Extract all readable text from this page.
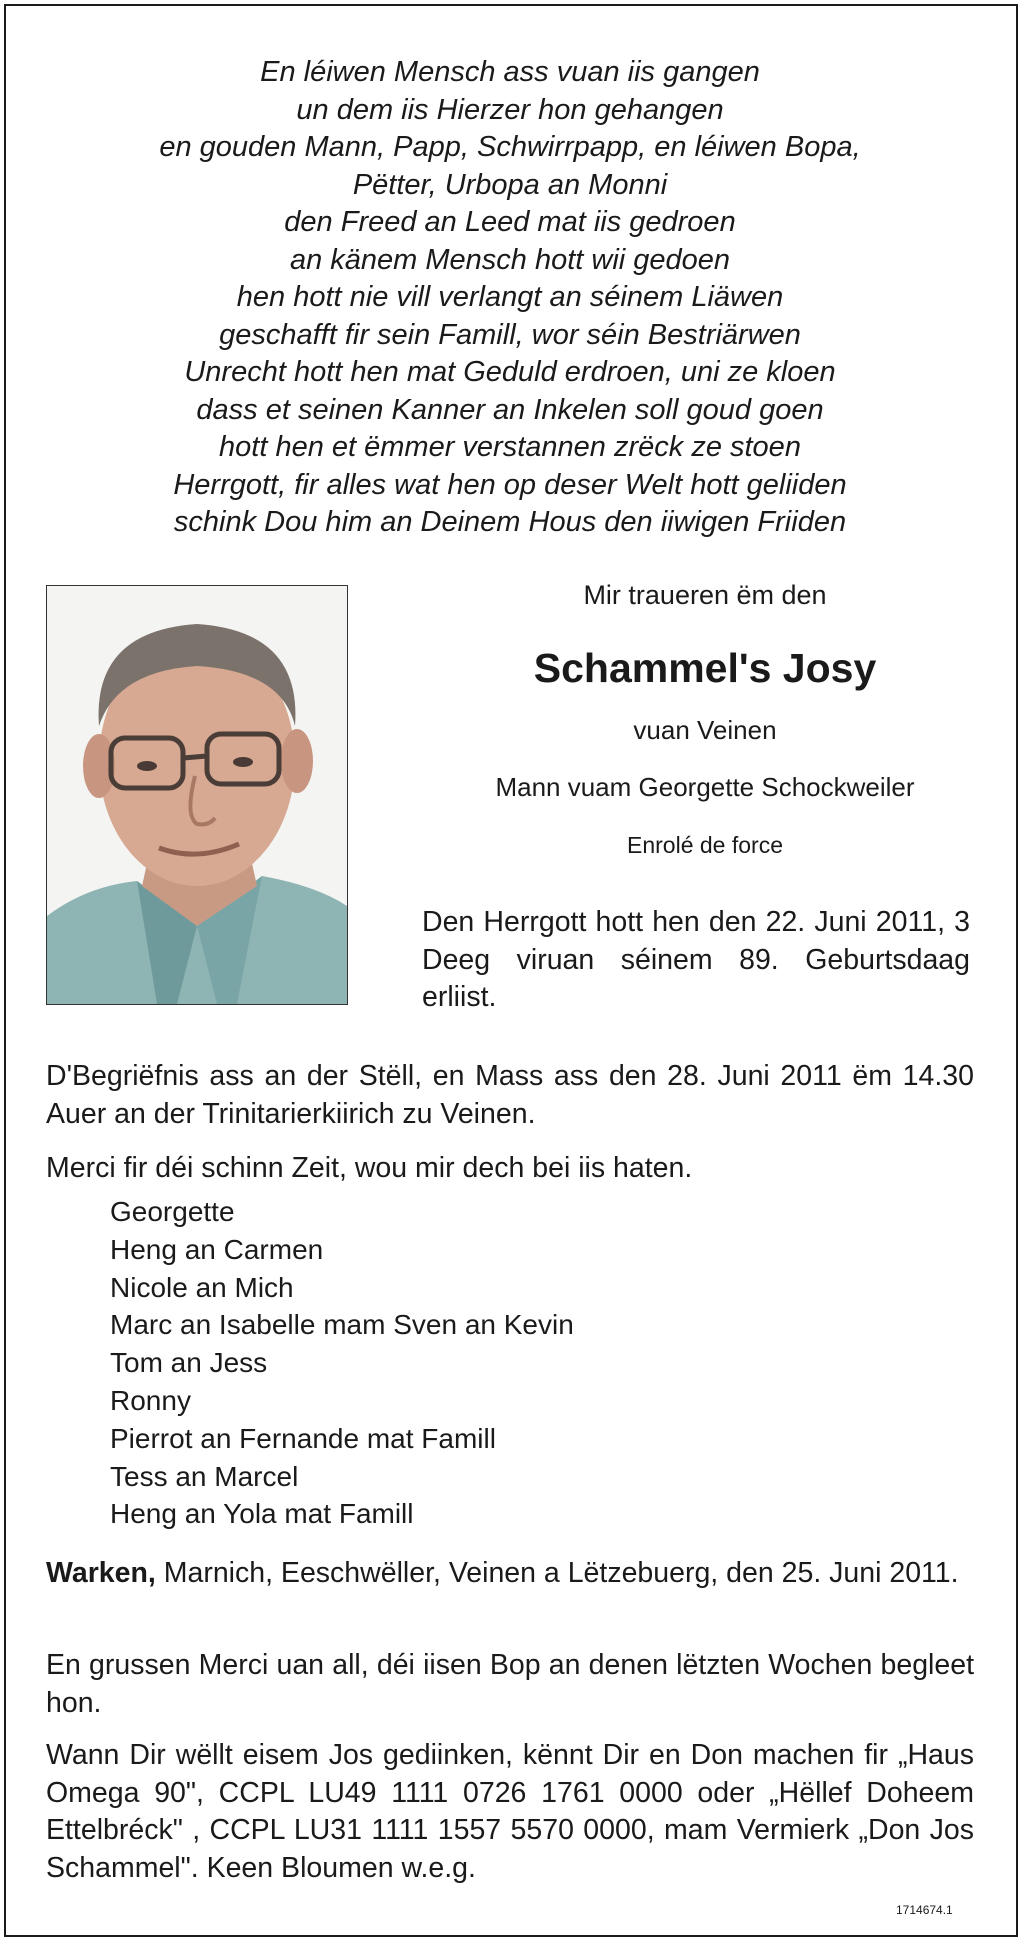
En léiwen Mensch ass vuan iis gangen
un dem iis Hierzer hon gehangen
en gouden Mann, Papp, Schwirrpapp, en léiwen Bopa,
Pëtter, Urbopa an Monni
den Freed an Leed mat iis gedroen
an känem Mensch hott wii gedoen
hen hott nie vill verlangt an séinem Liäwen
geschafft fir sein Famill, wor séin Bestriärwen
Unrecht hott hen mat Geduld erdroen, uni ze kloen
dass et seinen Kanner an Inkelen soll goud goen
hott hen et ëmmer verstannen zrëck ze stoen
Herrgott, fir alles wat hen op deser Welt hott geliiden
schink Dou him an Deinem Hous den iiwigen Friiden
Mir traueren ëm den
Schammel's Josy
vuan Veinen
Mann vuam Georgette Schockweiler
Enrolé de force
Den Herrgott hott hen den 22. Juni 2011, 3 Deeg viruan séinem 89. Geburtsdaag erliist.
D'Begriëfnis ass an der Stëll, en Mass ass den 28. Juni 2011 ëm 14.30 Auer an der Trinitarierkiirich zu Veinen.
Merci fir déi schinn Zeit, wou mir dech bei iis haten.
Georgette
Heng an Carmen
Nicole an Mich
Marc an Isabelle mam Sven an Kevin
Tom an Jess
Ronny
Pierrot an Fernande mat Famill
Tess an Marcel
Heng an Yola mat Famill
Warken, Marnich, Eeschwëller, Veinen a Lëtzebuerg, den 25. Juni 2011.
En grussen Merci uan all, déi iisen Bop an denen lëtzten Wochen begleet hon.
Wann Dir wëllt eisem Jos gediinken, kënnt Dir en Don machen fir „Haus Omega 90", CCPL LU49 1111 0726 1761 0000 oder „Hëllef Doheem Ettelbréck" , CCPL LU31 1111 1557 5570 0000, mam Vermierk „Don Jos Schammel". Keen Bloumen w.e.g.
1714674.1
